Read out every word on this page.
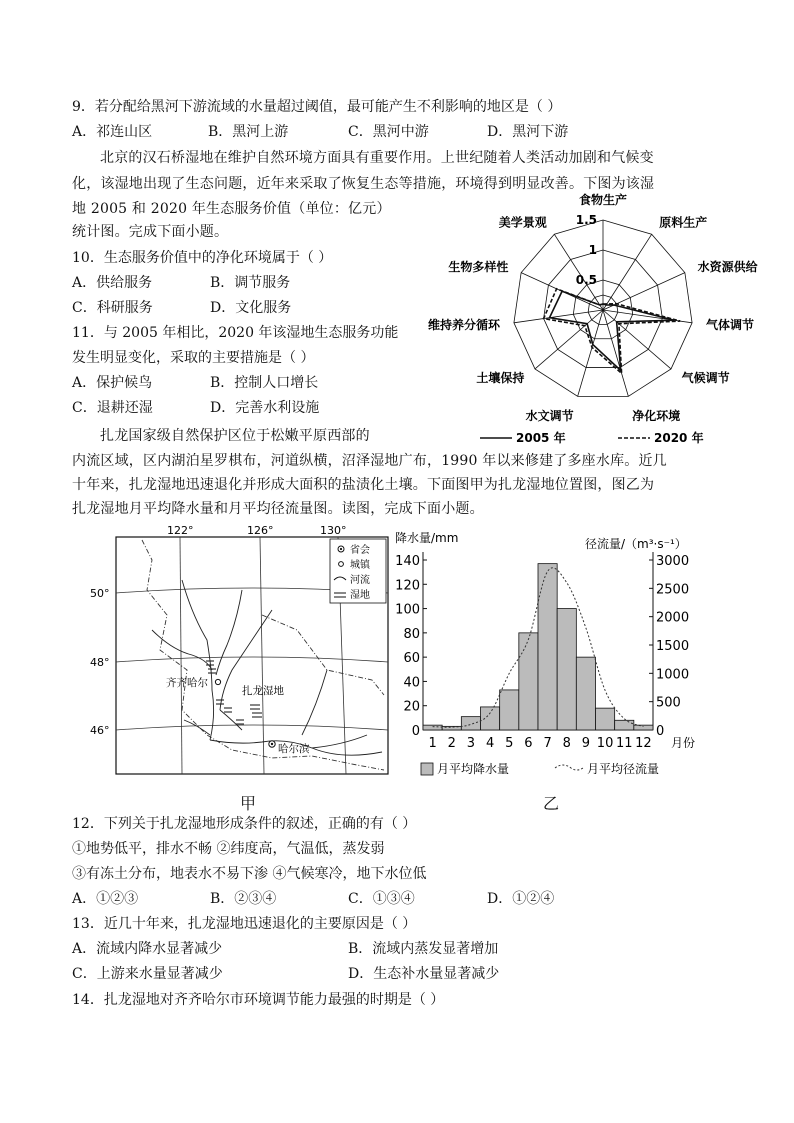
9．若分配给黑河下游流域的水量超过阈值，最可能产生不利影响的地区是（ ）
A．祁连山区	B．黑河上游	C．黑河中游	D．黑河下游
北京的汉石桥湿地在维护自然环境方面具有重要作用。上世纪随着人类活动加剧和气候变
化，该湿地出现了生态问题，近年来采取了恢复生态等措施，环境得到明显改善。下图为该湿
地 2005 和 2020 年生态服务价值（单位：亿元）
统计图。完成下面小题。
10．生态服务价值中的净化环境属于（ ）
A．供给服务	B．调节服务
C．科研服务	D．文化服务
11．与 2005 年相比，2020 年该湿地生态服务功能
发生明显变化，采取的主要措施是（ ）
A．保护候鸟	B．控制人口增长
C．退耕还湿	D．完善水利设施
食物生产
原料生产
水资源供给
气体调节
气候调节
净化环境
水文调节
土壤保持
维持养分循环
生物多样性
美学景观
0.5
1
1.5
2005 年	2020 年
扎龙国家级自然保护区位于松嫩平原西部的
内流区域，区内湖泊星罗棋布，河道纵横，沼泽湿地广布，1990 年以来修建了多座水库。近几
十年来，扎龙湿地迅速退化并形成大面积的盐渍化土壤。下面图甲为扎龙湿地位置图，图乙为
扎龙湿地月平均降水量和月平均径流量图。读图，完成下面小题。
122°	126°	130°
50°
48°
46°
齐齐哈尔
扎龙湿地
哈尔滨
省会
城镇
河流
湿地
甲
降水量/mm	径流量/（m³·s⁻¹）
0
20
40
60
80
100
120
140
0
500
1000
1500
2000
2500
3000
1 2 3 4 5 6 7 8 9 10 11 12 月份
月平均降水量	月平均径流量
乙
12．下列关于扎龙湿地形成条件的叙述，正确的有（ ）
①地势低平，排水不畅 ②纬度高，气温低，蒸发弱
③有冻土分布，地表水不易下渗 ④气候寒冷，地下水位低
A．①②③	B．②③④	C．①③④	D．①②④
13．近几十年来，扎龙湿地迅速退化的主要原因是（ ）
A．流域内降水显著减少	B．流域内蒸发显著增加
C．上游来水量显著减少	D．生态补水量显著减少
14．扎龙湿地对齐齐哈尔市环境调节能力最强的时期是（ ）
